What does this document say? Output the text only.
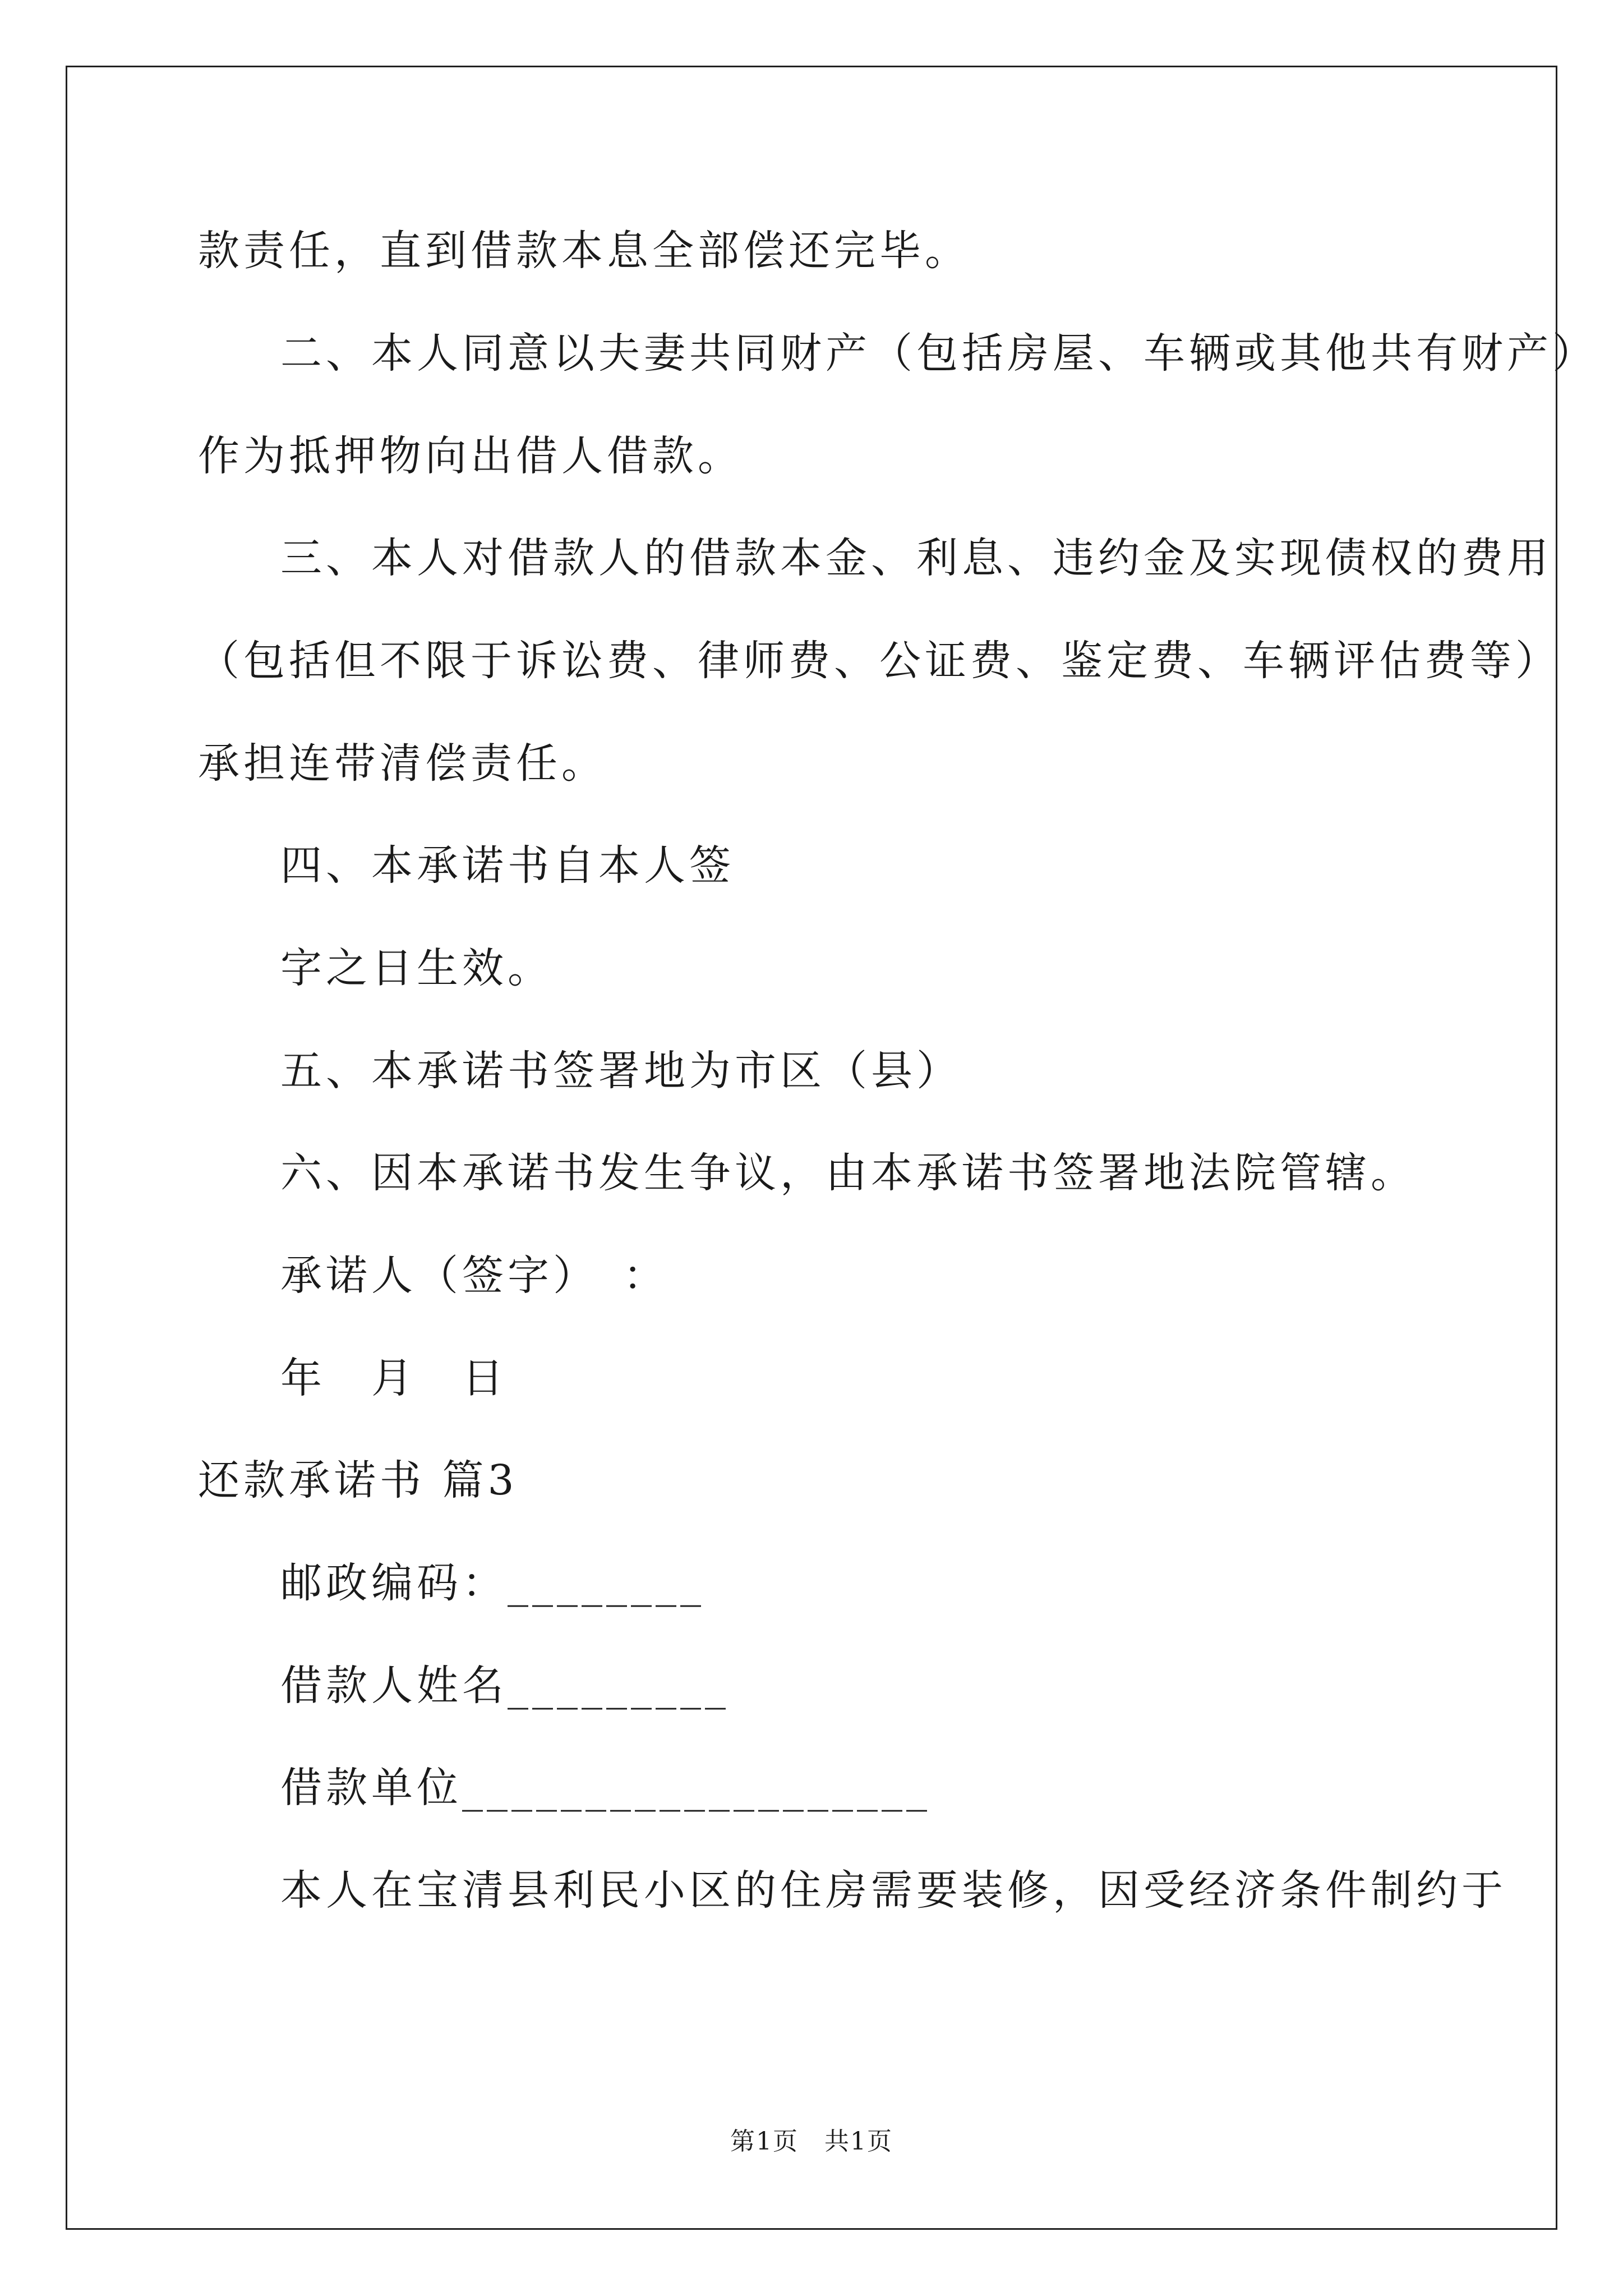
款责任，直到借款本息全部偿还完毕。

二、本人同意以夫妻共同财产（包括房屋、车辆或其他共有财产）

作为抵押物向出借人借款。

三、本人对借款人的借款本金、利息、违约金及实现债权的费用

（包括但不限于诉讼费、律师费、公证费、鉴定费、车辆评估费等）

承担连带清偿责任。

四、本承诺书自本人签

字之日生效。

五、本承诺书签署地为市区（县）

六、因本承诺书发生争议，由本承诺书签署地法院管辖。

承诺人（签字）　：

年　月　日

还款承诺书 篇3

邮政编码：________

借款人姓名_________

借款单位___________________

本人在宝清县利民小区的住房需要装修，因受经济条件制约于

第1页　共1页
